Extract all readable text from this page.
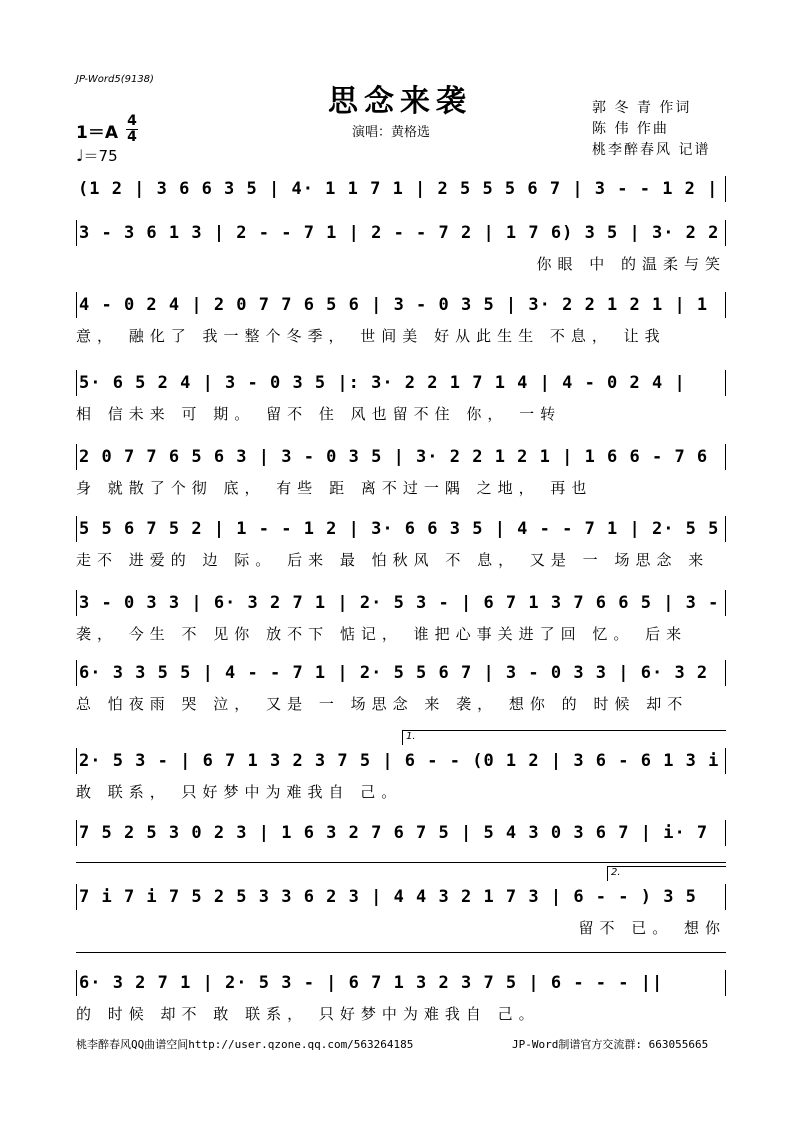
JP-Word5(9138)
思念来袭
演唱：黄格选
郭 冬 青 作词
陈 伟 作曲
桃李醉春风 记谱
1＝A
4
4
♩＝75
(1 2 | 3 6 6 3 5 | 4· 1 1 7 1 | 2 5 5 5 6 7 | 3 - - 1 2 |
3 - 3 6 1 3 | 2 - - 7 1 | 2 - - 7 2 | 1 7 6) 3 5 | 3· 2 2
你眼 中 的温柔与笑
4 - 0 2 4 | 2 0 7 7 6 5 6 | 3 - 0 3 5 | 3· 2 2 1 2 1 | 1
意， 融化了 我一整个冬季， 世间美 好从此生生 不息， 让我
5· 6 5 2 4 | 3 - 0 3 5 |: 3· 2 2 1 7 1 4 | 4 - 0 2 4 |
相 信未来 可 期。 留不 住 风也留不住 你， 一转
2 0 7 7 6 5 6 3 | 3 - 0 3 5 | 3· 2 2 1 2 1 | 1 6 6 - 7 6
身 就散了个彻 底， 有些 距 离不过一隅 之地， 再也
5 5 6 7 5 2 | 1 - - 1 2 | 3· 6 6 3 5 | 4 - - 7 1 | 2· 5 5
走不 进爱的 边 际。 后来 最 怕秋风 不 息， 又是 一 场思念 来
3 - 0 3 3 | 6· 3 2 7 1 | 2· 5 3 - | 6 7 1 3 7 6 6 5 | 3 -
袭， 今生 不 见你 放不下 惦记， 谁把心事关进了回 忆。 后来
6· 3 3 5 5 | 4 - - 7 1 | 2· 5 5 6 7 | 3 - 0 3 3 | 6· 3 2
总 怕夜雨 哭 泣， 又是 一 场思念 来 袭， 想你 的 时候 却不
2· 5 3 - | 6 7 1 3 2 3 7 5 | 6 - - (0 1 2 | 3 6 - 6 1 3 i
敢 联系， 只好梦中为难我自 己。
1.
7 5 2 5 3 0 2 3 | 1 6 3 2 7 6 7 5 | 5 4 3 0 3 6 7 | i· 7
7 i 7 i 7 5 2 5 3 3 6 2 3 | 4 4 3 2 1 7 3 | 6 - - ) 3 5
留不 已。 想你
2.
6· 3 2 7 1 | 2· 5 3 - | 6 7 1 3 2 3 7 5 | 6 - - - ||
的 时候 却不 敢 联系， 只好梦中为难我自 己。
桃李醉春风QQ曲谱空间http://user.qzone.qq.com/563264185	JP-Word制谱官方交流群: 663055665
